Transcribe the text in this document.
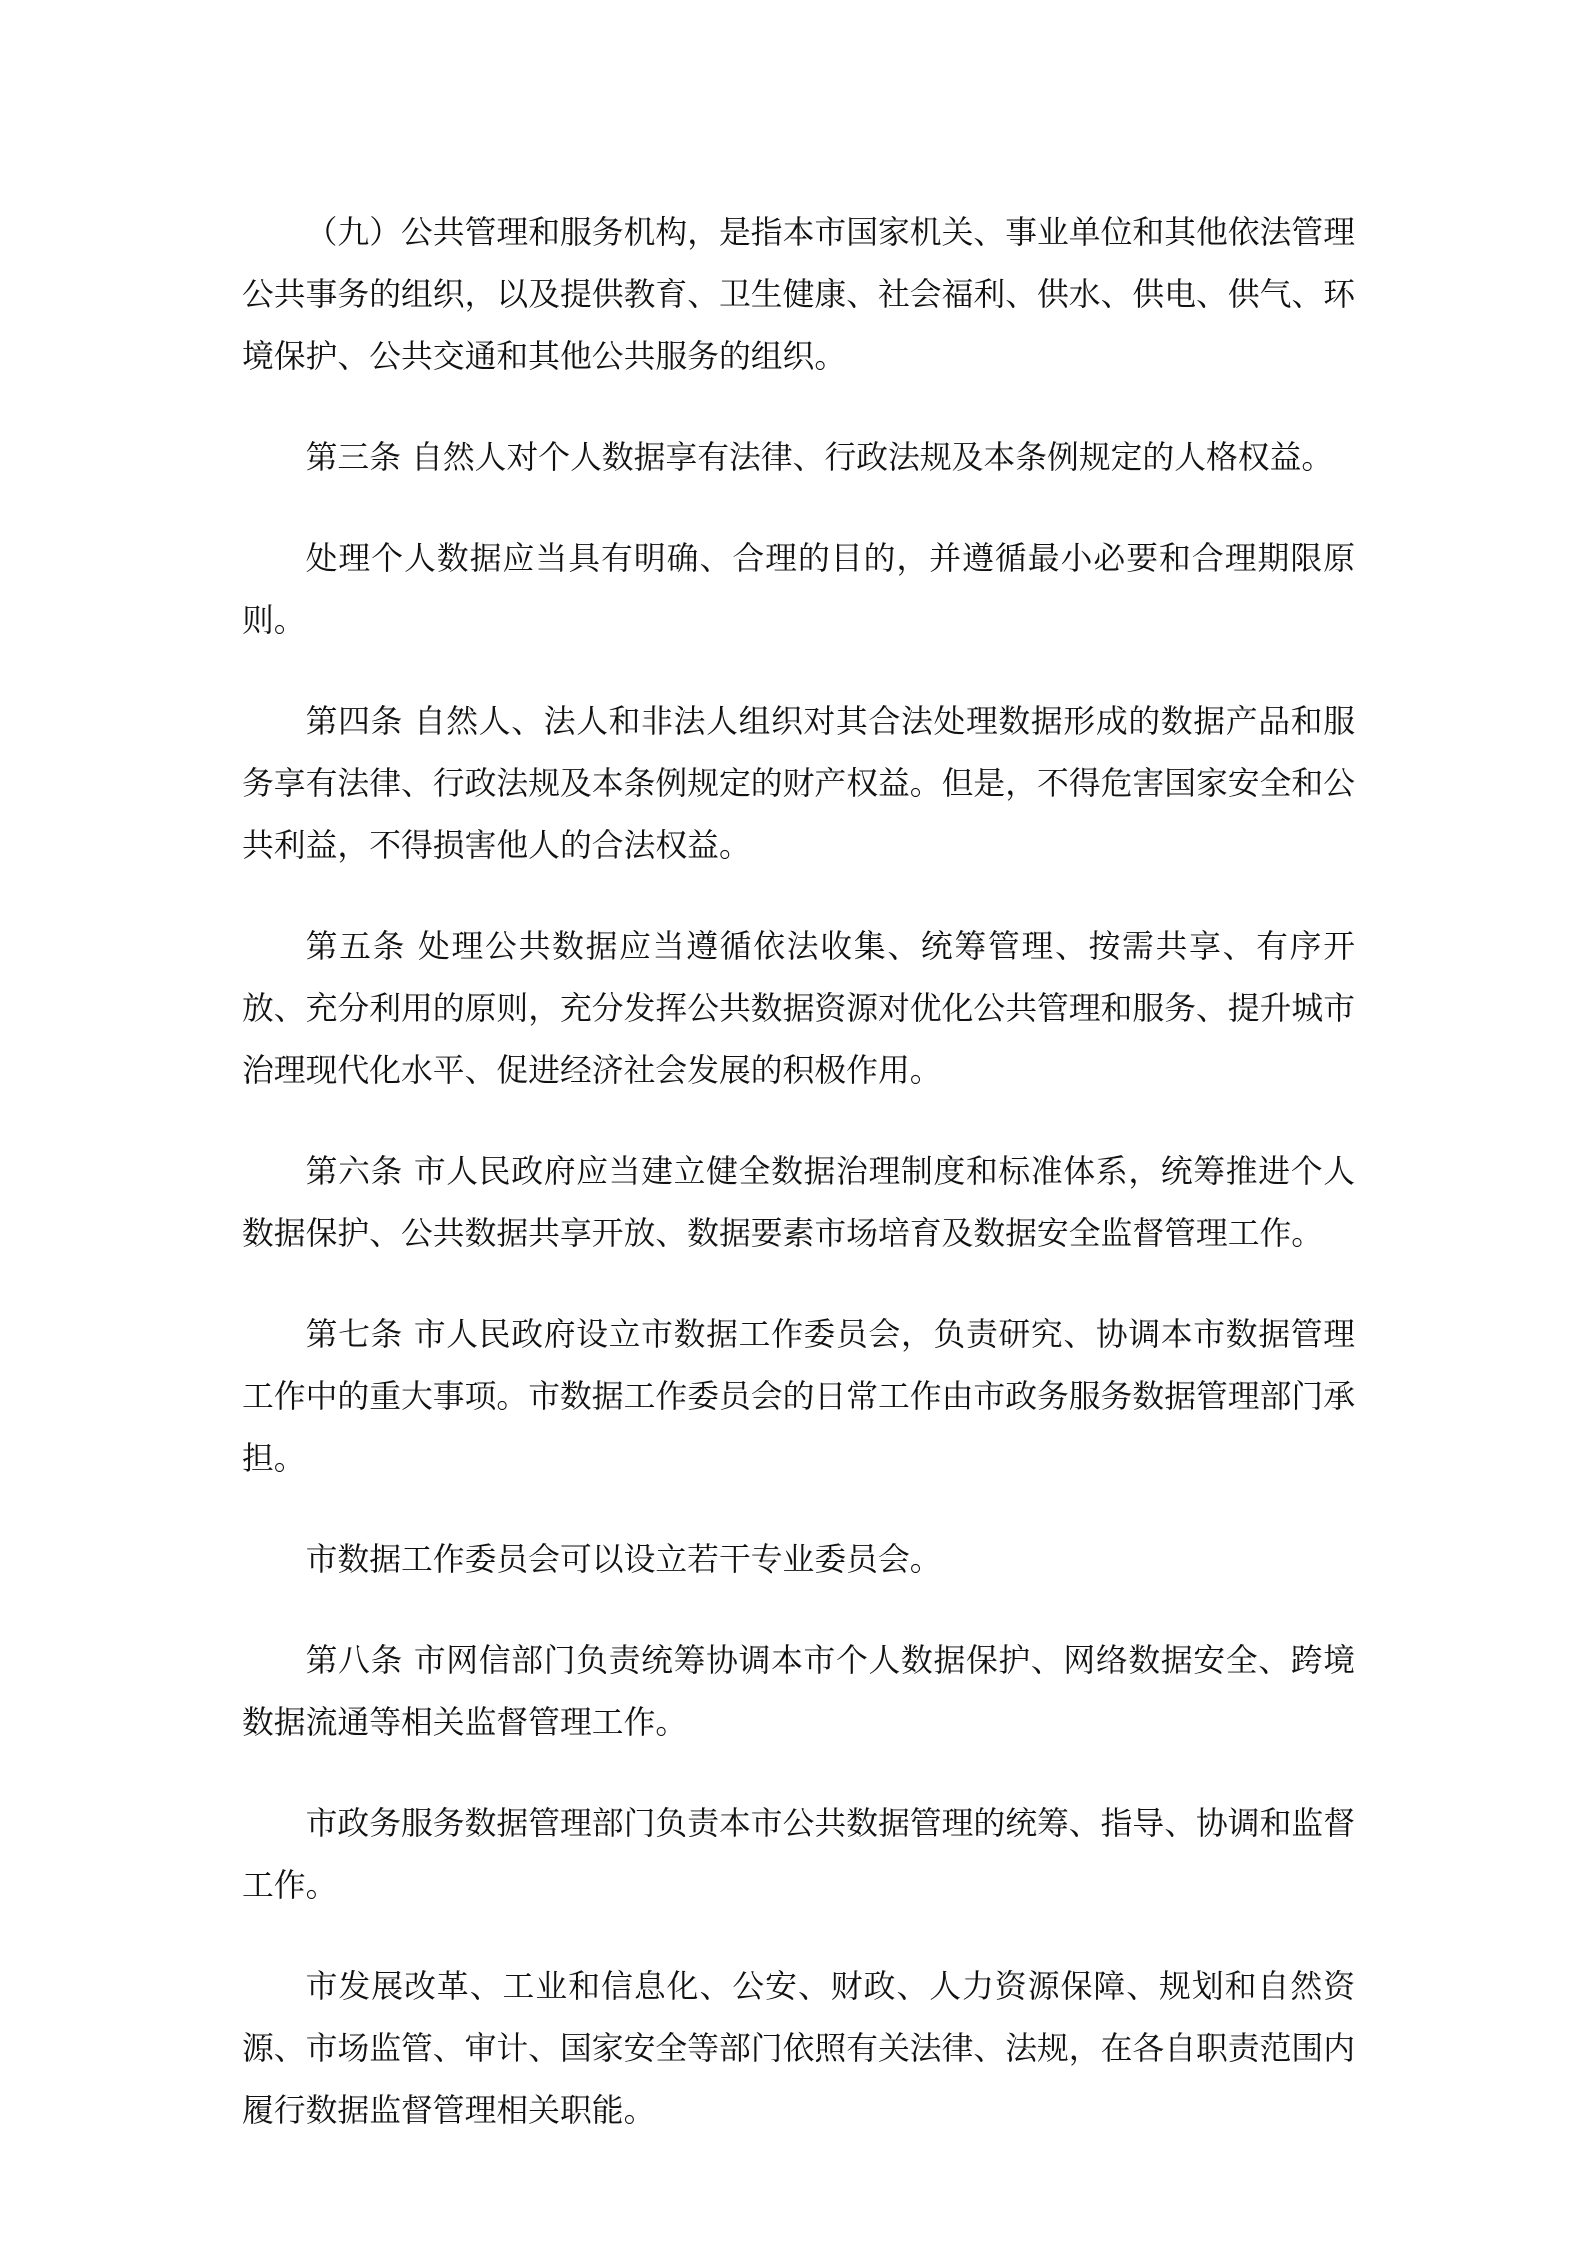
（九）公共管理和服务机构，是指本市国家机关、事业单位和其他依法管理公共事务的组织，以及提供教育、卫生健康、社会福利、供水、供电、供气、环境保护、公共交通和其他公共服务的组织。

第三条 自然人对个人数据享有法律、行政法规及本条例规定的人格权益。

处理个人数据应当具有明确、合理的目的，并遵循最小必要和合理期限原则。

第四条 自然人、法人和非法人组织对其合法处理数据形成的数据产品和服务享有法律、行政法规及本条例规定的财产权益。但是，不得危害国家安全和公共利益，不得损害他人的合法权益。

第五条 处理公共数据应当遵循依法收集、统筹管理、按需共享、有序开放、充分利用的原则，充分发挥公共数据资源对优化公共管理和服务、提升城市治理现代化水平、促进经济社会发展的积极作用。

第六条 市人民政府应当建立健全数据治理制度和标准体系，统筹推进个人数据保护、公共数据共享开放、数据要素市场培育及数据安全监督管理工作。

第七条 市人民政府设立市数据工作委员会，负责研究、协调本市数据管理工作中的重大事项。市数据工作委员会的日常工作由市政务服务数据管理部门承担。

市数据工作委员会可以设立若干专业委员会。

第八条 市网信部门负责统筹协调本市个人数据保护、网络数据安全、跨境数据流通等相关监督管理工作。

市政务服务数据管理部门负责本市公共数据管理的统筹、指导、协调和监督工作。

市发展改革、工业和信息化、公安、财政、人力资源保障、规划和自然资源、市场监管、审计、国家安全等部门依照有关法律、法规，在各自职责范围内履行数据监督管理相关职能。
